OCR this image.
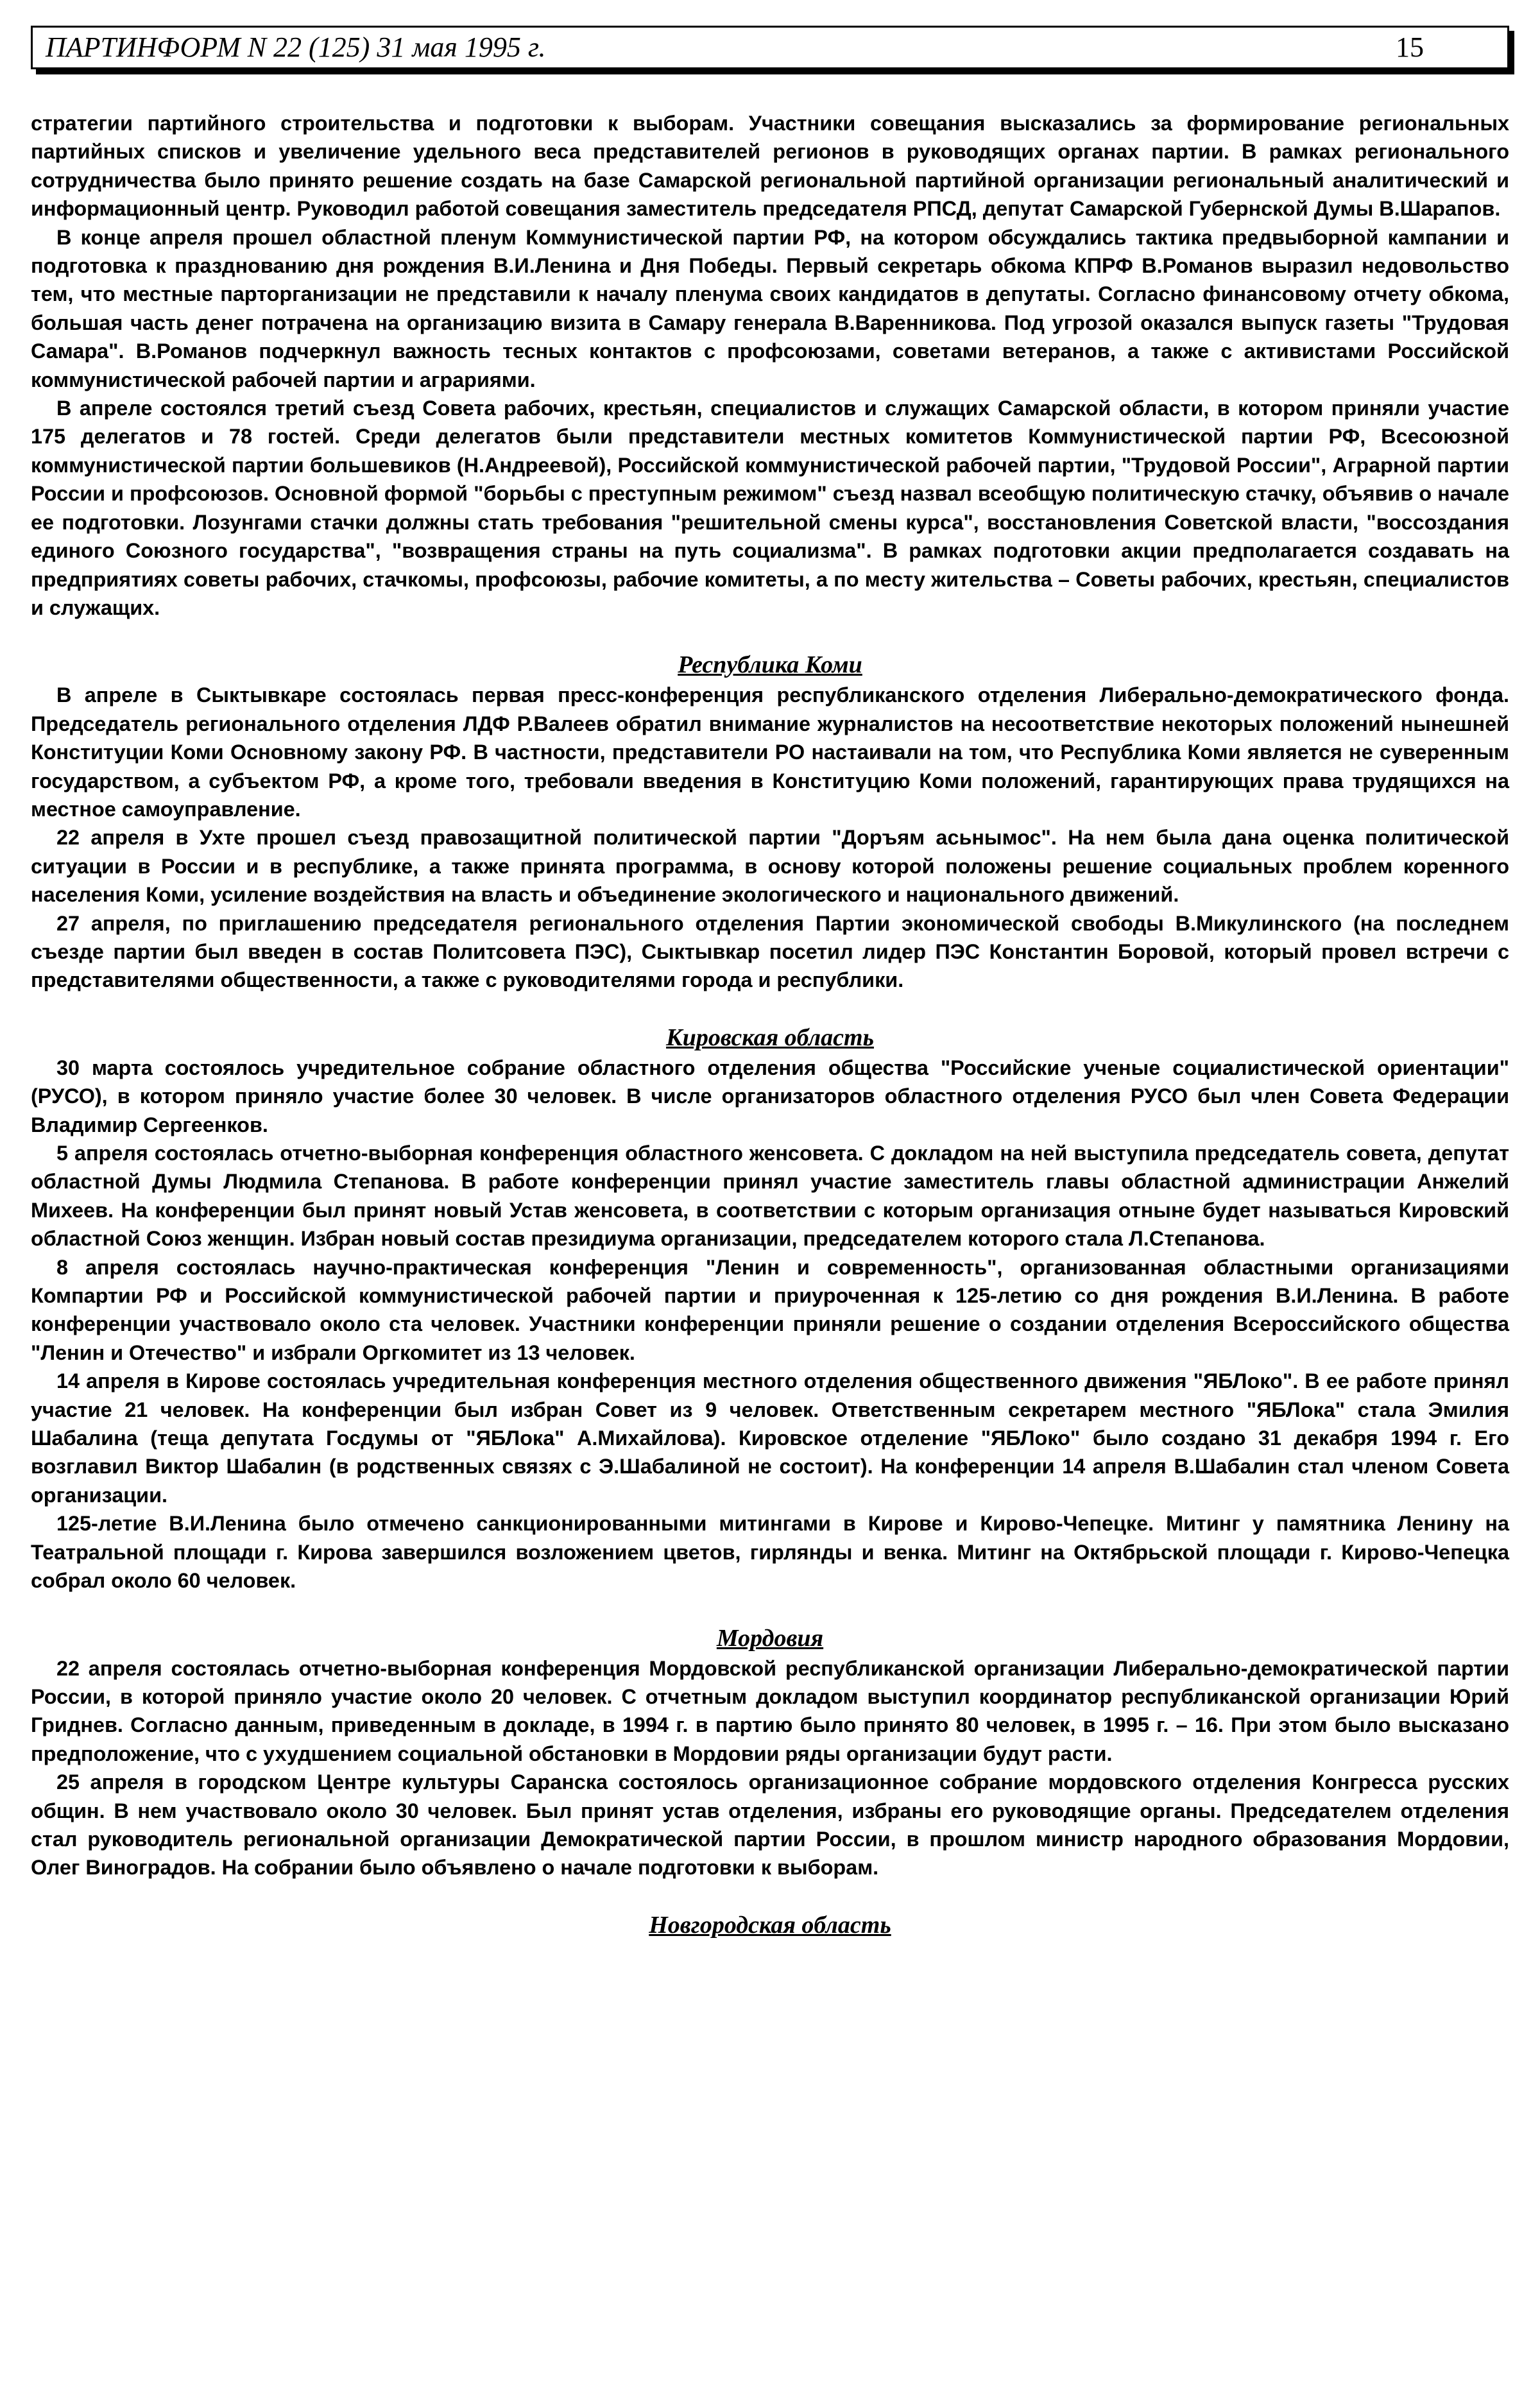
ПАРТИНФОРМ N 22 (125) 31 мая 1995 г.	15

стратегии партийного строительства и подготовки к выборам. Участники совещания высказались за формирование региональных партийных списков и увеличение удельного веса представителей регионов в руководящих органах партии. В рамках регионального сотрудничества было принято решение создать на базе Самарской региональной партийной организации региональный аналитический и информационный центр. Руководил работой совещания заместитель председателя РПСД, депутат Самарской Губернской Думы В.Шарапов.

В конце апреля прошел областной пленум Коммунистической партии РФ, на котором обсуждались тактика предвыборной кампании и подготовка к празднованию дня рождения В.И.Ленина и Дня Победы. Первый секретарь обкома КПРФ В.Романов выразил недовольство тем, что местные парторганизации не представили к началу пленума своих кандидатов в депутаты. Согласно финансовому отчету обкома, большая часть денег потрачена на организацию визита в Самару генерала В.Варенникова. Под угрозой оказался выпуск газеты "Трудовая Самара". В.Романов подчеркнул важность тесных контактов с профсоюзами, советами ветеранов, а также с активистами Российской коммунистической рабочей партии и аграриями.

В апреле состоялся третий съезд Совета рабочих, крестьян, специалистов и служащих Самарской области, в котором приняли участие 175 делегатов и 78 гостей. Среди делегатов были представители местных комитетов Коммунистической партии РФ, Всесоюзной коммунистической партии большевиков (Н.Андреевой), Российской коммунистической рабочей партии, "Трудовой России", Аграрной партии России и профсоюзов. Основной формой "борьбы с преступным режимом" съезд назвал всеобщую политическую стачку, объявив о начале ее подготовки. Лозунгами стачки должны стать требования "решительной смены курса", восстановления Советской власти, "воссоздания единого Союзного государства", "возвращения страны на путь социализма". В рамках подготовки акции предполагается создавать на предприятиях советы рабочих, стачкомы, профсоюзы, рабочие комитеты, а по месту жительства – Советы рабочих, крестьян, специалистов и служащих.

Республика Коми

В апреле в Сыктывкаре состоялась первая пресс-конференция республиканского отделения Либерально-демократического фонда. Председатель регионального отделения ЛДФ Р.Валеев обратил внимание журналистов на несоответствие некоторых положений нынешней Конституции Коми Основному закону РФ. В частности, представители РО настаивали на том, что Республика Коми является не суверенным государством, а субъектом РФ, а кроме того, требовали введения в Конституцию Коми положений, гарантирующих права трудящихся на местное самоуправление.

22 апреля в Ухте прошел съезд правозащитной политической партии "Доръям асьнымос". На нем была дана оценка политической ситуации в России и в республике, а также принята программа, в основу которой положены решение социальных проблем коренного населения Коми, усиление воздействия на власть и объединение экологического и национального движений.

27 апреля, по приглашению председателя регионального отделения Партии экономической свободы В.Микулинского (на последнем съезде партии был введен в состав Политсовета ПЭС), Сыктывкар посетил лидер ПЭС Константин Боровой, который провел встречи с представителями общественности, а также с руководителями города и республики.

Кировская область

30 марта состоялось учредительное собрание областного отделения общества "Российские ученые социалистической ориентации" (РУСО), в котором приняло участие более 30 человек. В числе организаторов областного отделения РУСО был член Совета Федерации Владимир Сергеенков.

5 апреля состоялась отчетно-выборная конференция областного женсовета. С докладом на ней выступила председатель совета, депутат областной Думы Людмила Степанова. В работе конференции принял участие заместитель главы областной администрации Анжелий Михеев. На конференции был принят новый Устав женсовета, в соответствии с которым организация отныне будет называться Кировский областной Союз женщин. Избран новый состав президиума организации, председателем которого стала Л.Степанова.

8 апреля состоялась научно-практическая конференция "Ленин и современность", организованная областными организациями Компартии РФ и Российской коммунистической рабочей партии и приуроченная к 125-летию со дня рождения В.И.Ленина. В работе конференции участвовало около ста человек. Участники конференции приняли решение о создании отделения Всероссийского общества "Ленин и Отечество" и избрали Оргкомитет из 13 человек.

14 апреля в Кирове состоялась учредительная конференция местного отделения общественного движения "ЯБЛоко". В ее работе принял участие 21 человек. На конференции был избран Совет из 9 человек. Ответственным секретарем местного "ЯБЛока" стала Эмилия Шабалина (теща депутата Госдумы от "ЯБЛока" А.Михайлова). Кировское отделение "ЯБЛоко" было создано 31 декабря 1994 г. Его возглавил Виктор Шабалин (в родственных связях с Э.Шабалиной не состоит). На конференции 14 апреля В.Шабалин стал членом Совета организации.

125-летие В.И.Ленина было отмечено санкционированными митингами в Кирове и Кирово-Чепецке. Митинг у памятника Ленину на Театральной площади г. Кирова завершился возложением цветов, гирлянды и венка. Митинг на Октябрьской площади г. Кирово-Чепецка собрал около 60 человек.

Мордовия

22 апреля состоялась отчетно-выборная конференция Мордовской республиканской организации Либерально-демократической партии России, в которой приняло участие около 20 человек. С отчетным докладом выступил координатор республиканской организации Юрий Гриднев. Согласно данным, приведенным в докладе, в 1994 г. в партию было принято 80 человек, в 1995 г. – 16. При этом было высказано предположение, что с ухудшением социальной обстановки в Мордовии ряды организации будут расти.

25 апреля в городском Центре культуры Саранска состоялось организационное собрание мордовского отделения Конгресса русских общин. В нем участвовало около 30 человек. Был принят устав отделения, избраны его руководящие органы. Председателем отделения стал руководитель региональной организации Демократической партии России, в прошлом министр народного образования Мордовии, Олег Виноградов. На собрании было объявлено о начале подготовки к выборам.

Новгородская область
